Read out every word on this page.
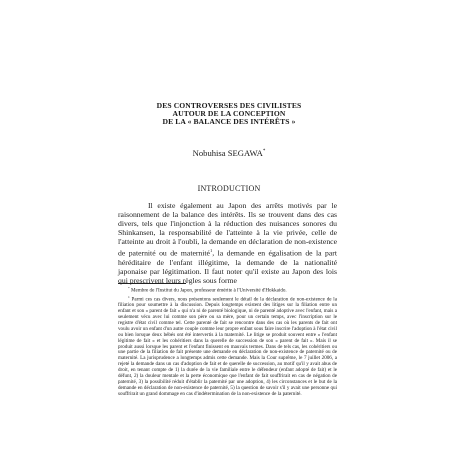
DES CONTROVERSES DES CIVILISTES
AUTOUR DE LA CONCEPTION
DE LA « BALANCE DES INTÉRÊTS »
Nobuhisa SEGAWA*
INTRODUCTION

Il existe également au Japon des arrêts motivés par le raisonnement de la balance des intérêts. Ils se trouvent dans des cas divers, tels que l'injonction à la réduction des nuisances sonores du Shinkansen, la responsabilité de l'atteinte à la vie privée, celle de l'atteinte au droit à l'oubli, la demande en déclaration de non-existence de paternité ou de maternité$^1$, la demande en égalisation de la part héréditaire de l'enfant illégitime, la demande de la nationalité japonaise par légitimation. Il faut noter qu'il existe au Japon des lois qui prescrivent leurs règles sous forme

* Membre de l'Institut du Japon, professeur émérite à l'Université d'Hokkaido.

$^1$ Parmi ces cas divers, nous présentons seulement le détail de la déclaration de non-existence de la filiation pour soumettre à la discussion. Depuis longtemps existent des litiges sur la filiation entre un enfant et son « parent de fait » qui n'a ni de parenté biologique, ni de parenté adoptive avec l'enfant, mais a seulement vécu avec lui comme son père ou sa mère, pour un certain temps, avec l'inscription sur le registre d'état civil comme tel. Cette parenté de fait se rencontre dans des cas où les parents de fait ont voulu avoir un enfant d'un autre couple comme leur propre enfant sous faire inscrire l'adoption à l'état civil ou bien lorsque deux bébés ont été intervertis à la maternité. Le litige se produit souvent entre « l'enfant légitime de fait » et les cohéritiers dans la querelle de succession de son « parent de fait ». Mais il se produit aussi lorsque les parent et l'enfant finissent en mauvais termes. Dans de tels cas, les cohéritiers ou une partie de la filiation de fait présente une demande en déclaration de non-existence de paternité ou de maternité. La jurisprudence a longtemps admis cette demande. Mais la Cour suprême, le 7 juillet 2006, a rejeté la demande dans un cas d'adoption de fait et de querelle de succession, au motif qu'il y avait abus de droit, en tenant compte de 1) la durée de la vie familiale entre le défendeur (enfant adopté de fait) et le défunt, 2) la douleur mentale et la perte économique que l'enfant de fait souffrirait en cas de négation de paternité, 3) la possibilité réduit d'établir la paternité par une adoption, 4) les circonstances et le but de la demande en déclaration de non-existence de paternité, 5) la question de savoir s'il y avait une personne qui souffrirait un grand dommage en cas d'indétermination de la non-existence de la paternité.
